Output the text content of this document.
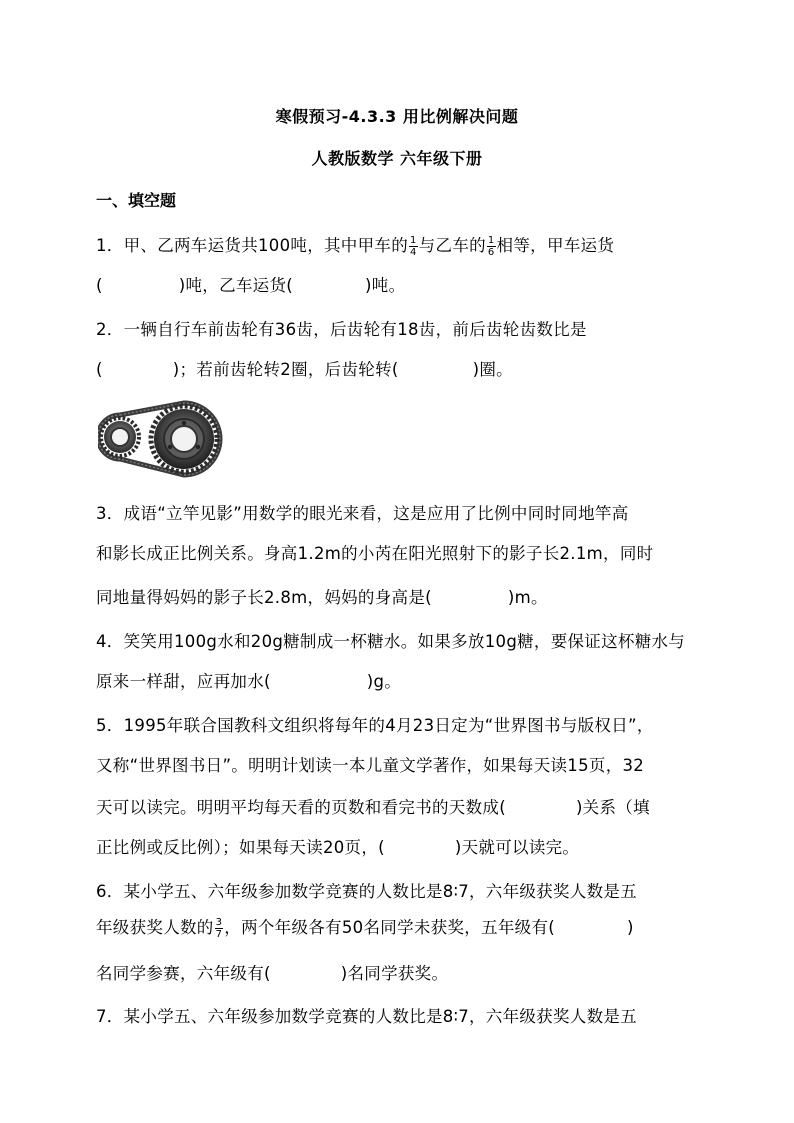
寒假预习-4.3.3 用比例解决问题
人教版数学 六年级下册
一、填空题
1．甲、乙两车运货共100吨，其中甲车的 $\frac{1}{4}$ 与乙车的 $\frac{1}{6}$ 相等，甲车运货
(	)吨，乙车运货(	)吨。
2．一辆自行车前齿轮有36齿，后齿轮有18齿，前后齿轮齿数比是
(	)；若前齿轮转2圈，后齿轮转(	)圈。
3．成语“立竿见影”用数学的眼光来看，这是应用了比例中同时同地竿高
和影长成正比例关系。身高1.2m的小芮在阳光照射下的影子长2.1m，同时
同地量得妈妈的影子长2.8m，妈妈的身高是(	)m。
4．笑笑用100g水和20g糖制成一杯糖水。如果多放10g糖，要保证这杯糖水与
原来一样甜，应再加水(	)g。
5．1995年联合国教科文组织将每年的4月23日定为“世界图书与版权日”，
又称“世界图书日”。明明计划读一本儿童文学著作，如果每天读15页，32
天可以读完。明明平均每天看的页数和看完书的天数成(	)关系（填
正比例或反比例）；如果每天读20页，(	)天就可以读完。
6．某小学五、六年级参加数学竞赛的人数比是8∶7，六年级获奖人数是五
年级获奖人数的 $\frac{3}{7}$ ，两个年级各有50名同学未获奖，五年级有(	)
名同学参赛，六年级有(	)名同学获奖。
7．某小学五、六年级参加数学竞赛的人数比是8∶7，六年级获奖人数是五
